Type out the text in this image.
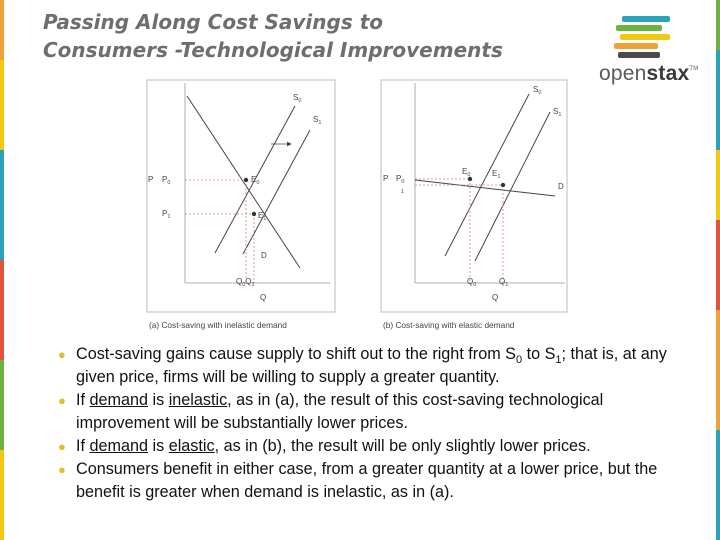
Passing Along Cost Savings to
Consumers -Technological Improvements
openstax™
$S_0$
$S_1$
D
P $P_0$
$P_1$
$E_0$
$E_1$
$Q_0Q_1$
Q
(a) Cost-saving with inelastic demand
$S_0$
$S_1$
D
P $P_0$
1
$E_0$	$E_1$
$Q_0$	$Q_1$
Q
(b) Cost-saving with elastic demand
● Cost-saving gains cause supply to shift out to the right from $S_0$ to $S_1$; that is, at any given price, firms will be willing to supply a greater quantity.
● If demand is inelastic, as in (a), the result of this cost-saving technological improvement will be substantially lower prices.
● If demand is elastic, as in (b), the result will be only slightly lower prices.
● Consumers benefit in either case, from a greater quantity at a lower price, but the benefit is greater when demand is inelastic, as in (a).
